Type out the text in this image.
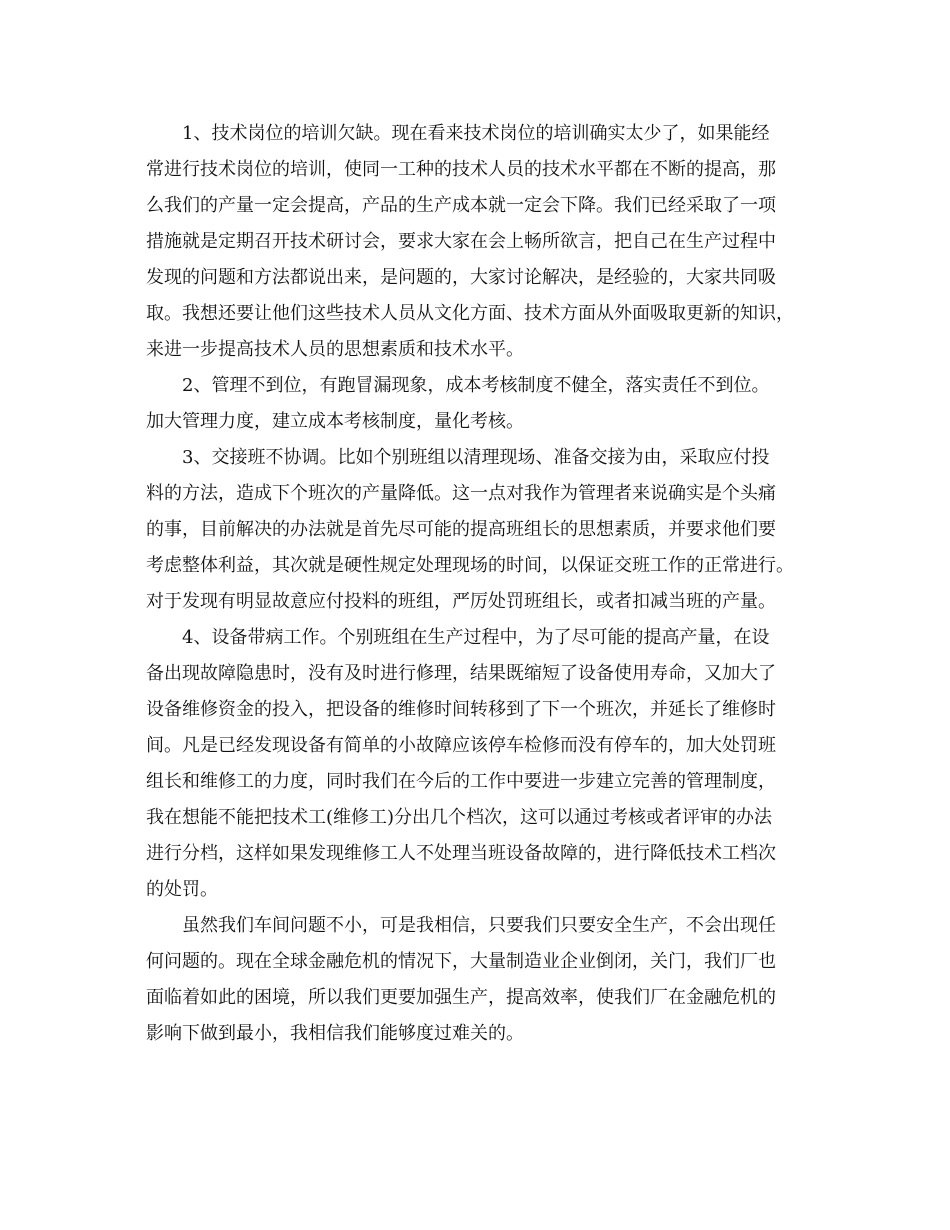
1、技术岗位的培训欠缺。现在看来技术岗位的培训确实太少了，如果能经
常进行技术岗位的培训，使同一工种的技术人员的技术水平都在不断的提高，那
么我们的产量一定会提高，产品的生产成本就一定会下降。我们已经采取了一项
措施就是定期召开技术研讨会，要求大家在会上畅所欲言，把自己在生产过程中
发现的问题和方法都说出来，是问题的，大家讨论解决，是经验的，大家共同吸
取。我想还要让他们这些技术人员从文化方面、技术方面从外面吸取更新的知识，
来进一步提高技术人员的思想素质和技术水平。
2、管理不到位，有跑冒漏现象，成本考核制度不健全，落实责任不到位。
加大管理力度，建立成本考核制度，量化考核。
3、交接班不协调。比如个别班组以清理现场、准备交接为由，采取应付投
料的方法，造成下个班次的产量降低。这一点对我作为管理者来说确实是个头痛
的事，目前解决的办法就是首先尽可能的提高班组长的思想素质，并要求他们要
考虑整体利益，其次就是硬性规定处理现场的时间，以保证交班工作的正常进行。
对于发现有明显故意应付投料的班组，严厉处罚班组长，或者扣减当班的产量。
4、设备带病工作。个别班组在生产过程中，为了尽可能的提高产量，在设
备出现故障隐患时，没有及时进行修理，结果既缩短了设备使用寿命，又加大了
设备维修资金的投入，把设备的维修时间转移到了下一个班次，并延长了维修时
间。凡是已经发现设备有简单的小故障应该停车检修而没有停车的，加大处罚班
组长和维修工的力度，同时我们在今后的工作中要进一步建立完善的管理制度，
我在想能不能把技术工(维修工)分出几个档次，这可以通过考核或者评审的办法
进行分档，这样如果发现维修工人不处理当班设备故障的，进行降低技术工档次
的处罚。
虽然我们车间问题不小，可是我相信，只要我们只要安全生产，不会出现任
何问题的。现在全球金融危机的情况下，大量制造业企业倒闭，关门，我们厂也
面临着如此的困境，所以我们更要加强生产，提高效率，使我们厂在金融危机的
影响下做到最小，我相信我们能够度过难关的。
